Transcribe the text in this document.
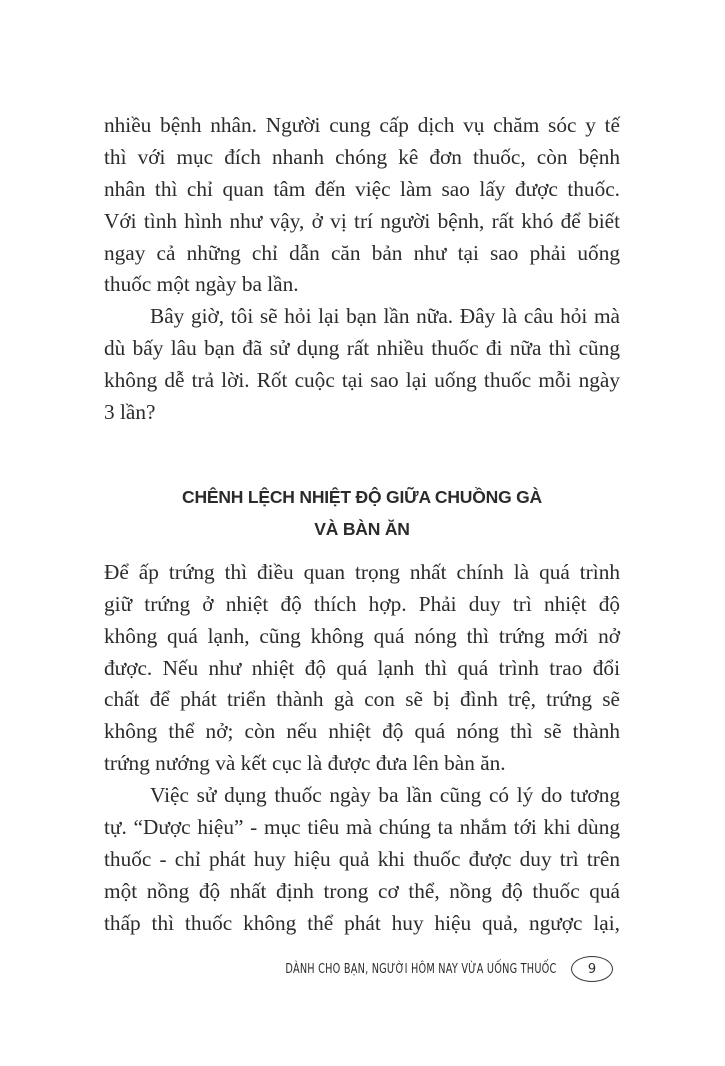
nhiều bệnh nhân. Người cung cấp dịch vụ chăm sóc y tế
thì với mục đích nhanh chóng kê đơn thuốc, còn bệnh
nhân thì chỉ quan tâm đến việc làm sao lấy được thuốc.
Với tình hình như vậy, ở vị trí người bệnh, rất khó để biết
ngay cả những chỉ dẫn căn bản như tại sao phải uống
thuốc một ngày ba lần.
Bây giờ, tôi sẽ hỏi lại bạn lần nữa. Đây là câu hỏi mà
dù bấy lâu bạn đã sử dụng rất nhiều thuốc đi nữa thì cũng
không dễ trả lời. Rốt cuộc tại sao lại uống thuốc mỗi ngày
3 lần?
CHÊNH LỆCH NHIỆT ĐỘ GIỮA CHUỒNG GÀ
VÀ BÀN ĂN
Để ấp trứng thì điều quan trọng nhất chính là quá trình
giữ trứng ở nhiệt độ thích hợp. Phải duy trì nhiệt độ
không quá lạnh, cũng không quá nóng thì trứng mới nở
được. Nếu như nhiệt độ quá lạnh thì quá trình trao đổi
chất để phát triển thành gà con sẽ bị đình trệ, trứng sẽ
không thể nở; còn nếu nhiệt độ quá nóng thì sẽ thành
trứng nướng và kết cục là được đưa lên bàn ăn.
Việc sử dụng thuốc ngày ba lần cũng có lý do tương
tự. “Dược hiệu” - mục tiêu mà chúng ta nhắm tới khi dùng
thuốc - chỉ phát huy hiệu quả khi thuốc được duy trì trên
một nồng độ nhất định trong cơ thể, nồng độ thuốc quá
thấp thì thuốc không thể phát huy hiệu quả, ngược lại,
DÀNH CHO BẠN, NGƯỜI HÔM NAY VỪA UỐNG THUỐC	9
